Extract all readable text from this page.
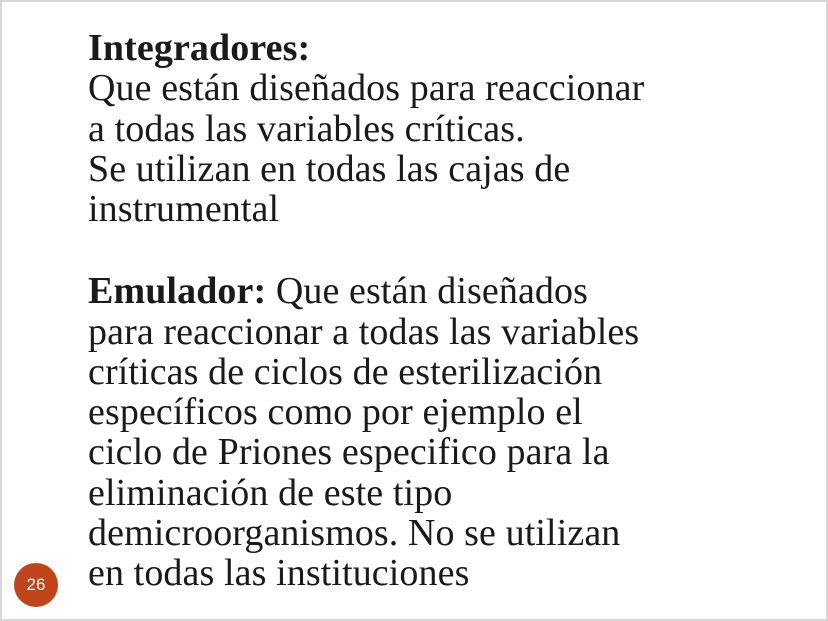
Integradores:
Que están diseñados para reaccionar
a todas las variables críticas.
Se utilizan en todas las cajas de
instrumental
Emulador: Que están diseñados
para reaccionar a todas las variables
críticas de ciclos de esterilización
específicos como por ejemplo el
ciclo de Priones especifico para la
eliminación de este tipo
demicroorganismos. No se utilizan
en todas las instituciones
26
